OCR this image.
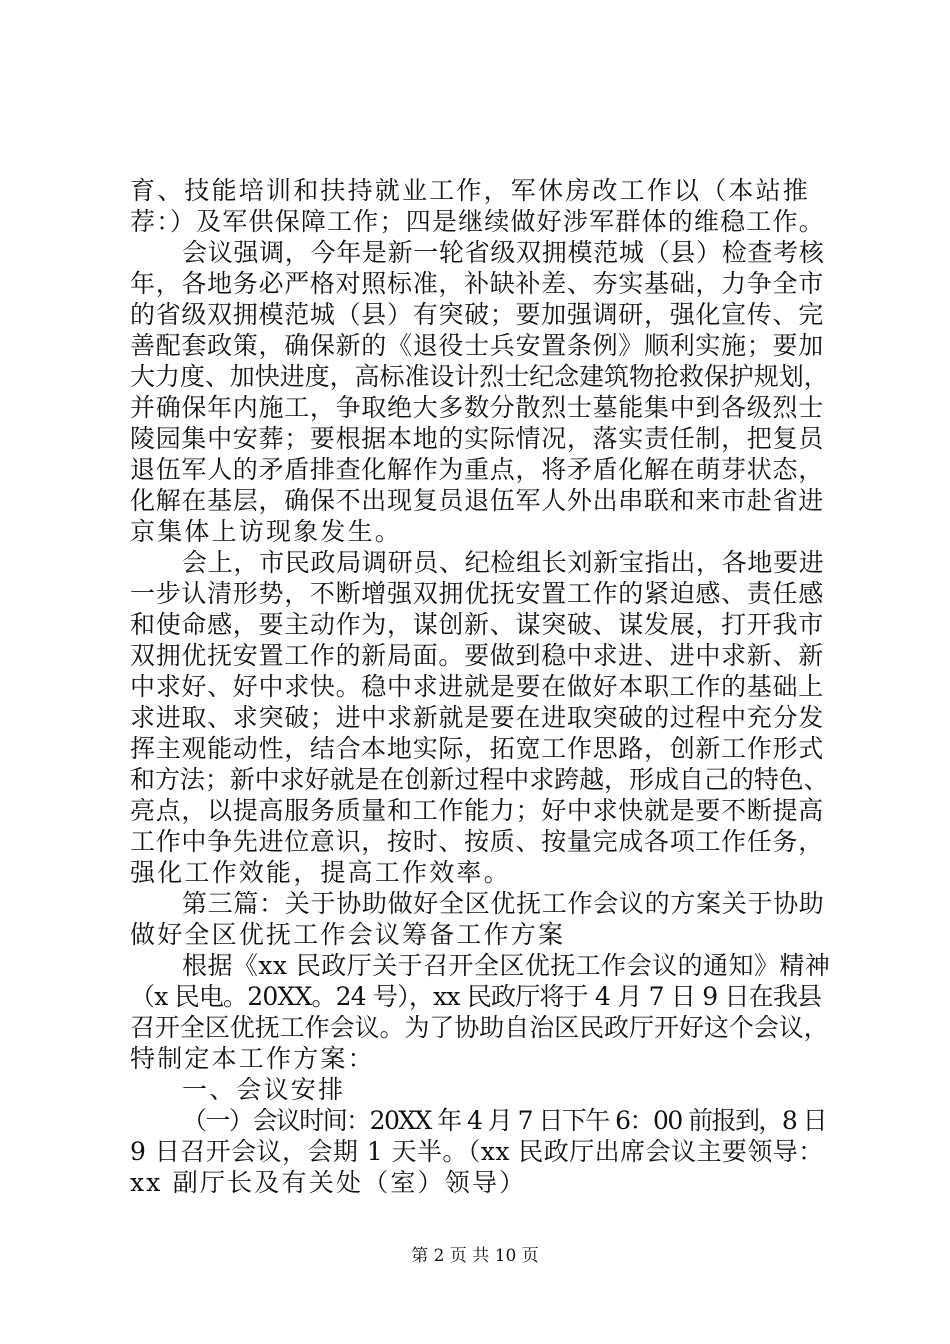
育、技能培训和扶持就业工作，军休房改工作以（本站推
荐：）及军供保障工作；四是继续做好涉军群体的维稳工作。
会议强调，今年是新一轮省级双拥模范城（县）检查考核
年，各地务必严格对照标准，补缺补差、夯实基础，力争全市
的省级双拥模范城（县）有突破；要加强调研，强化宣传、完
善配套政策，确保新的《退役士兵安置条例》顺利实施；要加
大力度、加快进度，高标准设计烈士纪念建筑物抢救保护规划，
并确保年内施工，争取绝大多数分散烈士墓能集中到各级烈士
陵园集中安葬；要根据本地的实际情况，落实责任制，把复员
退伍军人的矛盾排查化解作为重点，将矛盾化解在萌芽状态，
化解在基层，确保不出现复员退伍军人外出串联和来市赴省进
京集体上访现象发生。
会上，市民政局调研员、纪检组长刘新宝指出，各地要进
一步认清形势，不断增强双拥优抚安置工作的紧迫感、责任感
和使命感，要主动作为，谋创新、谋突破、谋发展，打开我市
双拥优抚安置工作的新局面。要做到稳中求进、进中求新、新
中求好、好中求快。稳中求进就是要在做好本职工作的基础上
求进取、求突破；进中求新就是要在进取突破的过程中充分发
挥主观能动性，结合本地实际，拓宽工作思路，创新工作形式
和方法；新中求好就是在创新过程中求跨越，形成自己的特色、
亮点，以提高服务质量和工作能力；好中求快就是要不断提高
工作中争先进位意识，按时、按质、按量完成各项工作任务，
强化工作效能，提高工作效率。
第三篇：关于协助做好全区优抚工作会议的方案关于协助
做好全区优抚工作会议筹备工作方案
根据《xx 民政厅关于召开全区优抚工作会议的通知》精神
（x 民电。20XX。24 号），xx 民政厅将于 4 月 7 日 9 日在我县
召开全区优抚工作会议。为了协助自治区民政厅开好这个会议，
特制定本工作方案：
一、会议安排
（一）会议时间：20XX 年 4 月 7 日下午 6：00 前报到，8 日
9 日召开会议，会期 1 天半。（xx 民政厅出席会议主要领导：
xx 副厅长及有关处（室）领导）
第 2 页 共 10 页
